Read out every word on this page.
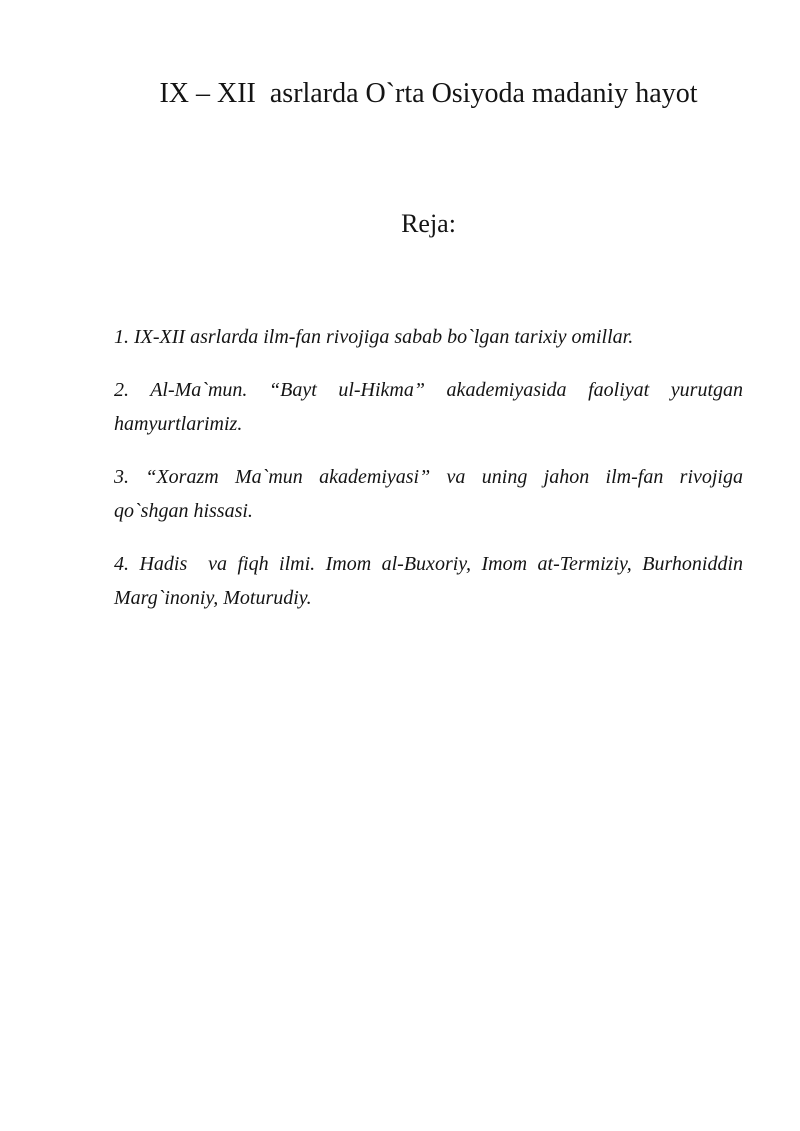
IX – XII  asrlarda O`rta Osiyoda madaniy hayot
Reja:

1. IX-XII asrlarda ilm-fan rivojiga sabab bo`lgan tarixiy omillar.

2. Al-Ma`mun. “Bayt ul-Hikma” akademiyasida faoliyat yurutgan
hamyurtlarimiz.

3. “Xorazm Ma`mun akademiyasi” va uning jahon ilm-fan rivojiga
qo`shgan hissasi.

4. Hadis  va fiqh ilmi. Imom al-Buxoriy, Imom at-Termiziy, Burhoniddin
Marg`inoniy, Moturudiy.
